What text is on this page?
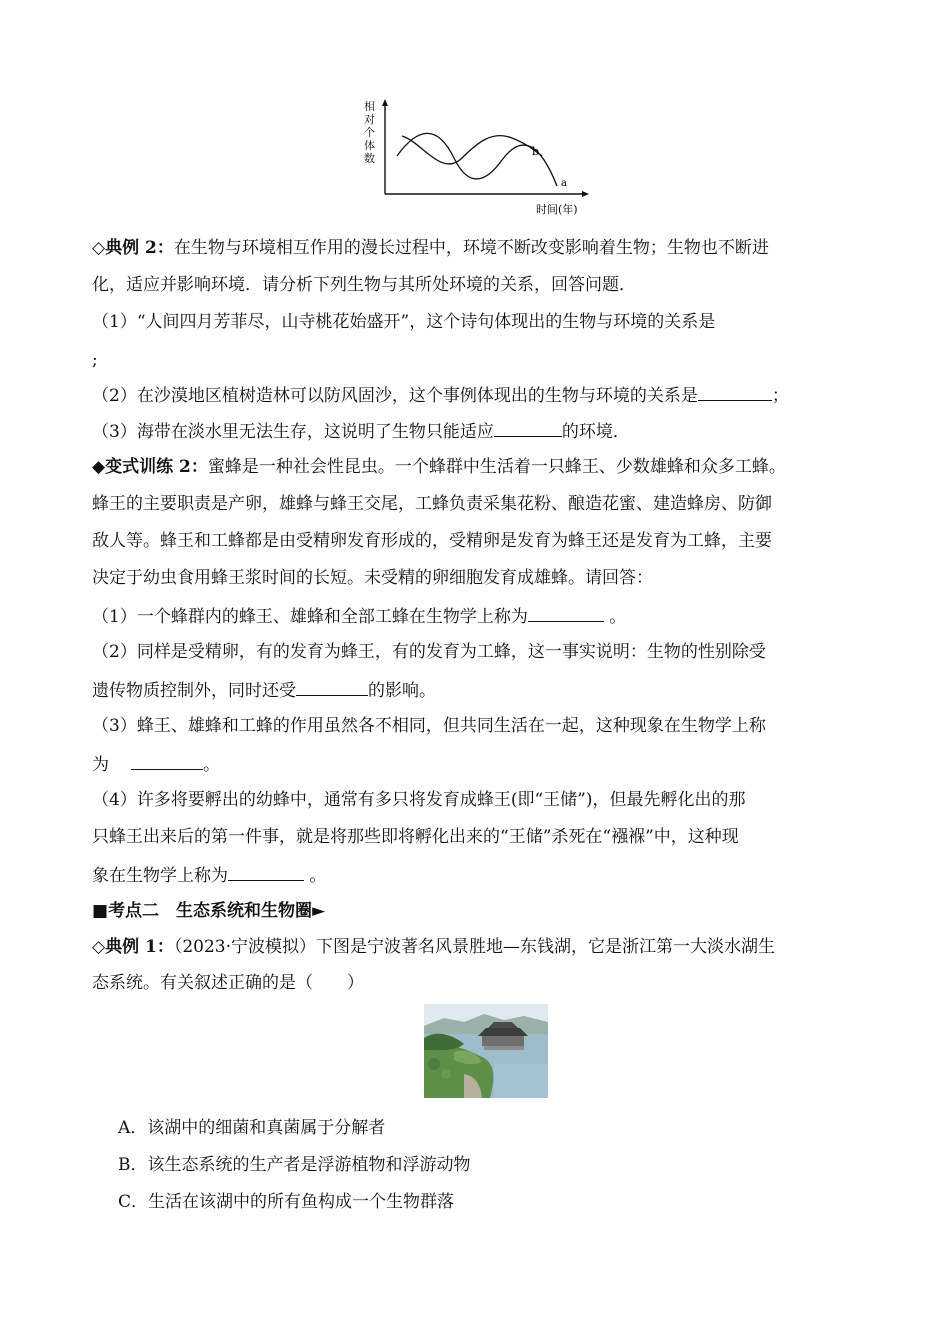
相
对
个
体
数
b
a
时间(年)
◇典例 2：在生物与环境相互作用的漫长过程中，环境不断改变影响着生物；生物也不断进
化，适应并影响环境．请分析下列生物与其所处环境的关系，回答问题．
（1）“人间四月芳菲尽，山寺桃花始盛开”，这个诗句体现出的生物与环境的关系是
;
（2）在沙漠地区植树造林可以防风固沙，这个事例体现出的生物与环境的关系是	；
（3）海带在淡水里无法生存，这说明了生物只能适应	的环境．
◆变式训练 2：蜜蜂是一种社会性昆虫。一个蜂群中生活着一只蜂王、少数雄蜂和众多工蜂。
蜂王的主要职责是产卵，雄蜂与蜂王交尾，工蜂负责采集花粉、酿造花蜜、建造蜂房、防御
敌人等。蜂王和工蜂都是由受精卵发育形成的，受精卵是发育为蜂王还是发育为工蜂，主要
决定于幼虫食用蜂王浆时间的长短。未受精的卵细胞发育成雄蜂。请回答：
（1）一个蜂群内的蜂王、雄蜂和全部工蜂在生物学上称为	。
（2）同样是受精卵，有的发育为蜂王，有的发育为工蜂，这一事实说明：生物的性别除受
遗传物质控制外，同时还受	的影响。
（3）蜂王、雄蜂和工蜂的作用虽然各不相同，但共同生活在一起，这种现象在生物学上称
为	。
（4）许多将要孵出的幼蜂中，通常有多只将发育成蜂王(即“王储”)，但最先孵化出的那
只蜂王出来后的第一件事，就是将那些即将孵化出来的“王储”杀死在“襁褓”中，这种现
象在生物学上称为	。
■考点二　生态系统和生物圈►
◇典例 1：（2023·宁波模拟）下图是宁波著名风景胜地—东钱湖，它是浙江第一大淡水湖生
态系统。有关叙述正确的是（　　）
A．该湖中的细菌和真菌属于分解者
B．该生态系统的生产者是浮游植物和浮游动物
C．生活在该湖中的所有鱼构成一个生物群落
